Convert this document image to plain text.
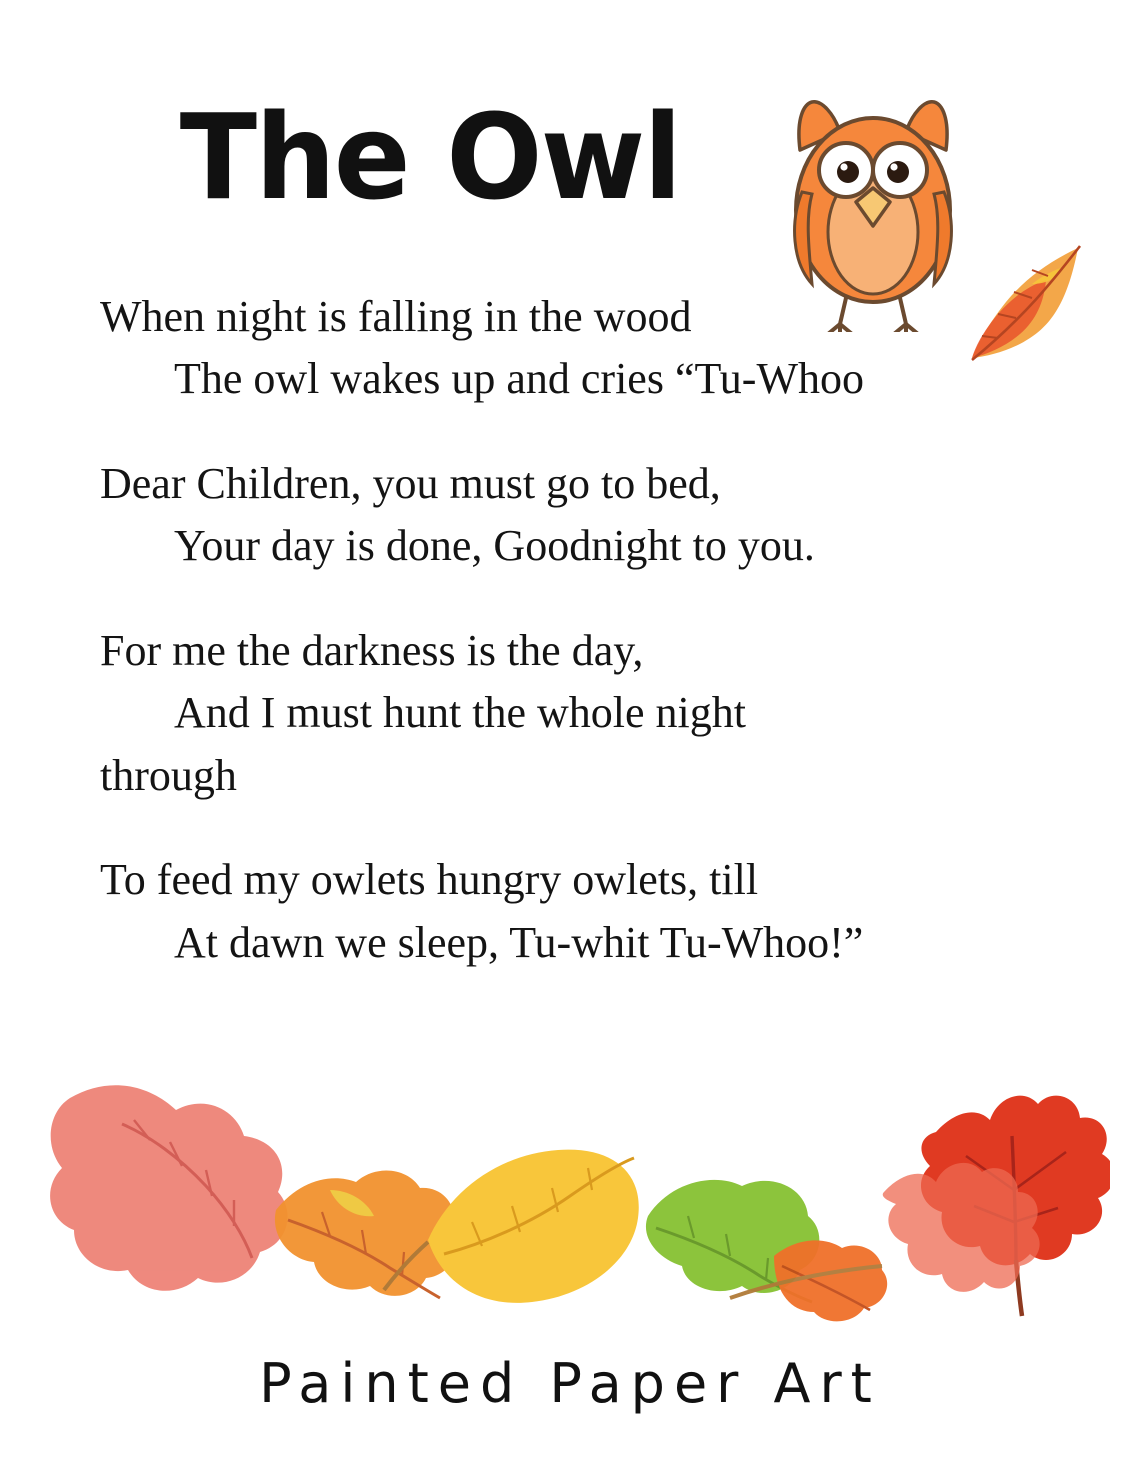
The Owl
When night is falling in the wood
The owl wakes up and cries “Tu-Whoo
Dear Children, you must go to bed,
Your day is done, Goodnight to you.
For me the darkness is the day,
And I must hunt the whole night
through
To feed my owlets hungry owlets, till
At dawn we sleep, Tu-whit Tu-Whoo!”
Painted Paper Art
